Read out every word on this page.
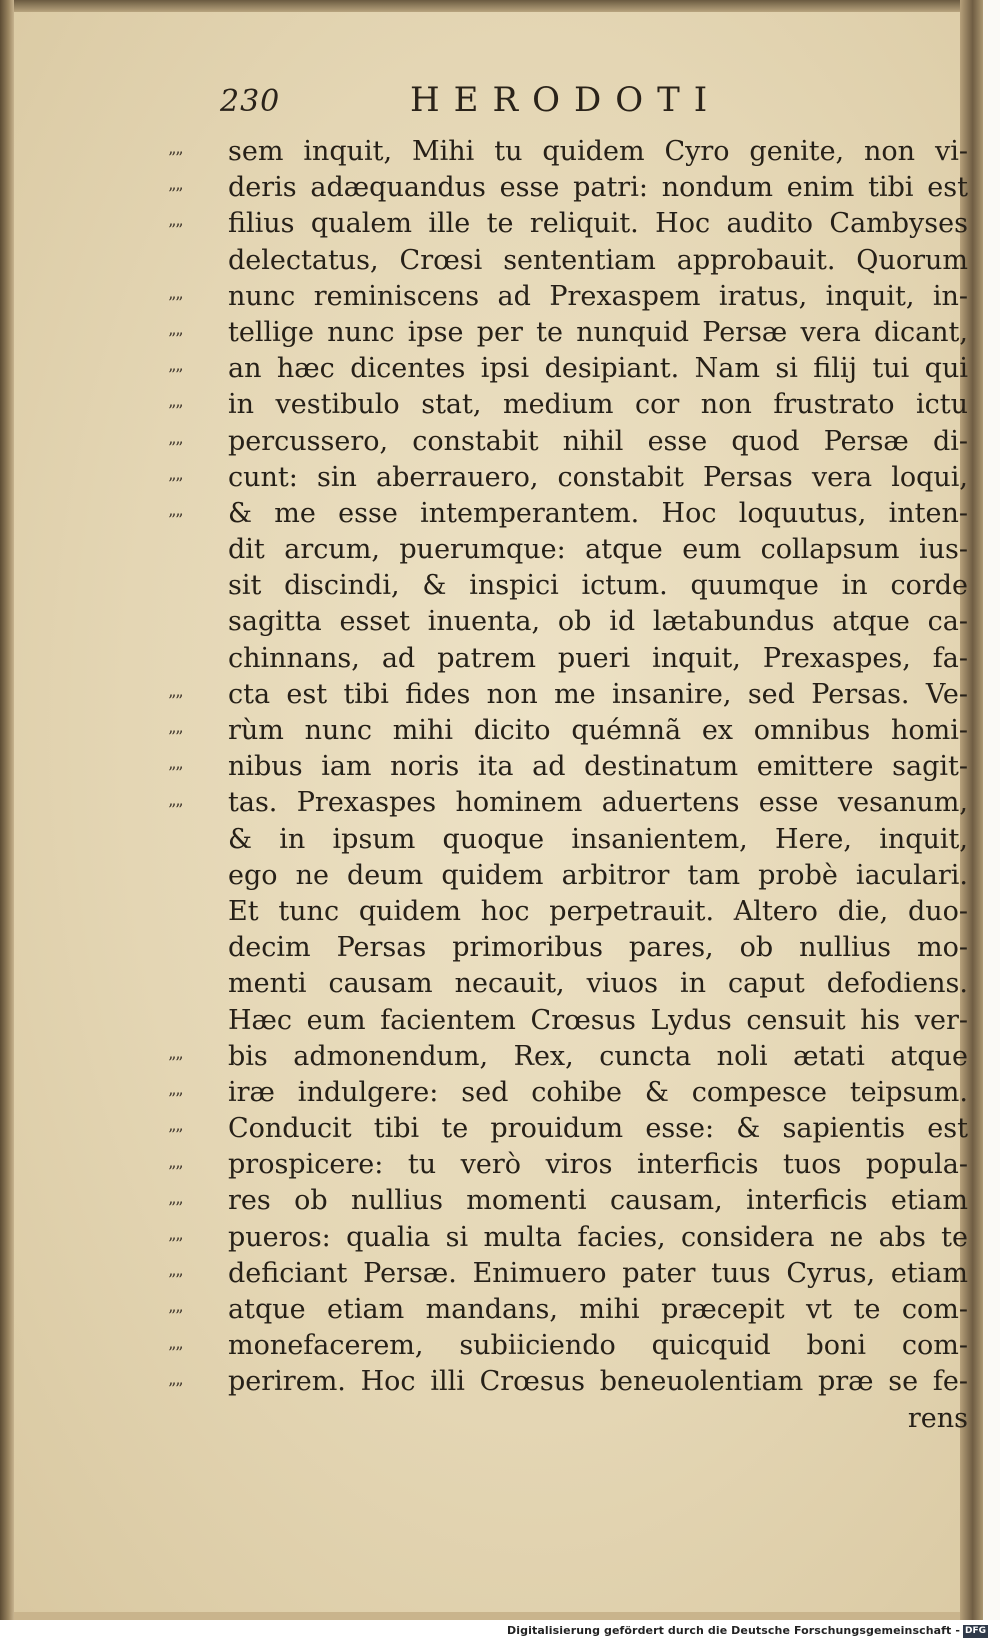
230	HERODOTI
””
””
””
””
””
””
””
””
””
””
””
””
””
””
””
””
””
””
””
””
””
””
””
””
sem inquit, Mihi tu quidem Cyro genite, non vi-
deris adæquandus esse patri: nondum enim tibi est
filius qualem ille te reliquit. Hoc audito Cambyses
delectatus, Crœsi sententiam approbauit. Quorum
nunc reminiscens ad Prexaspem iratus, inquit, in-
tellige nunc ipse per te nunquid Persæ vera dicant,
an hæc dicentes ipsi desipiant. Nam si filij tui qui
in vestibulo stat, medium cor non frustrato ictu
percussero, constabit nihil esse quod Persæ di-
cunt: sin aberrauero, constabit Persas vera loqui,
& me esse intemperantem. Hoc loquutus, inten-
dit arcum, puerumque: atque eum collapsum ius-
sit discindi, & inspici ictum. quumque in corde
sagitta esset inuenta, ob id lætabundus atque ca-
chinnans, ad patrem pueri inquit, Prexaspes, fa-
cta est tibi fides non me insanire, sed Persas. Ve-
rùm nunc mihi dicito quémnã ex omnibus homi-
nibus iam noris ita ad destinatum emittere sagit-
tas. Prexaspes hominem aduertens esse vesanum,
& in ipsum quoque insanientem, Here, inquit,
ego ne deum quidem arbitror tam probè iaculari.
Et tunc quidem hoc perpetrauit. Altero die, duo-
decim Persas primoribus pares, ob nullius mo-
menti causam necauit, viuos in caput defodiens.
Hæc eum facientem Crœsus Lydus censuit his ver-
bis admonendum, Rex, cuncta noli ætati atque
iræ indulgere: sed cohibe & compesce teipsum.
Conducit tibi te prouidum esse: & sapientis est
prospicere: tu verò viros interficis tuos popula-
res ob nullius momenti causam, interficis etiam
pueros: qualia si multa facies, considera ne abs te
deficiant Persæ. Enimuero pater tuus Cyrus, etiam
atque etiam mandans, mihi præcepit vt te com-
monefacerem, subiiciendo quicquid boni com-
perirem. Hoc illi Crœsus beneuolentiam præ se fe-
rens
Digitalisierung gefördert durch die Deutsche Forschungsgemeinschaft - DFG
